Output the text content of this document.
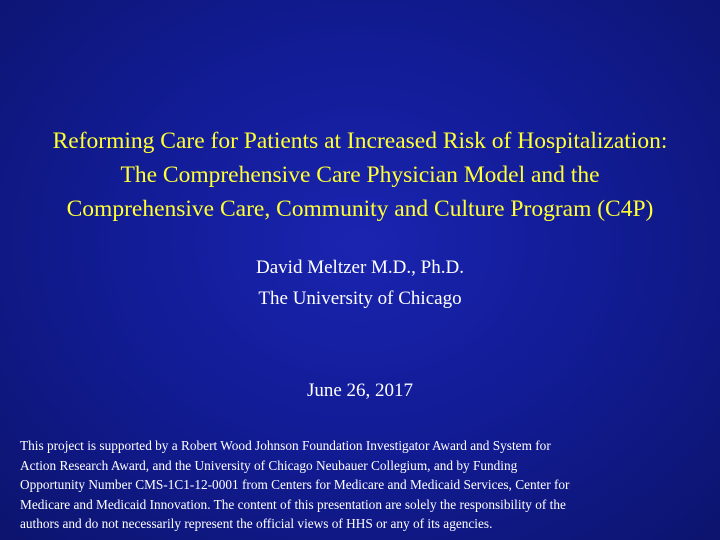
Reforming Care for Patients at Increased Risk of Hospitalization:
The Comprehensive Care Physician Model and the
Comprehensive Care, Community and Culture Program (C4P)
David Meltzer M.D., Ph.D.
The University of Chicago
June 26, 2017
This project is supported by a Robert Wood Johnson Foundation Investigator Award and System for
Action Research Award, and the University of Chicago Neubauer Collegium, and by Funding
Opportunity Number CMS-1C1-12-0001 from Centers for Medicare and Medicaid Services, Center for
Medicare and Medicaid Innovation. The content of this presentation are solely the responsibility of the
authors and do not necessarily represent the official views of HHS or any of its agencies.
